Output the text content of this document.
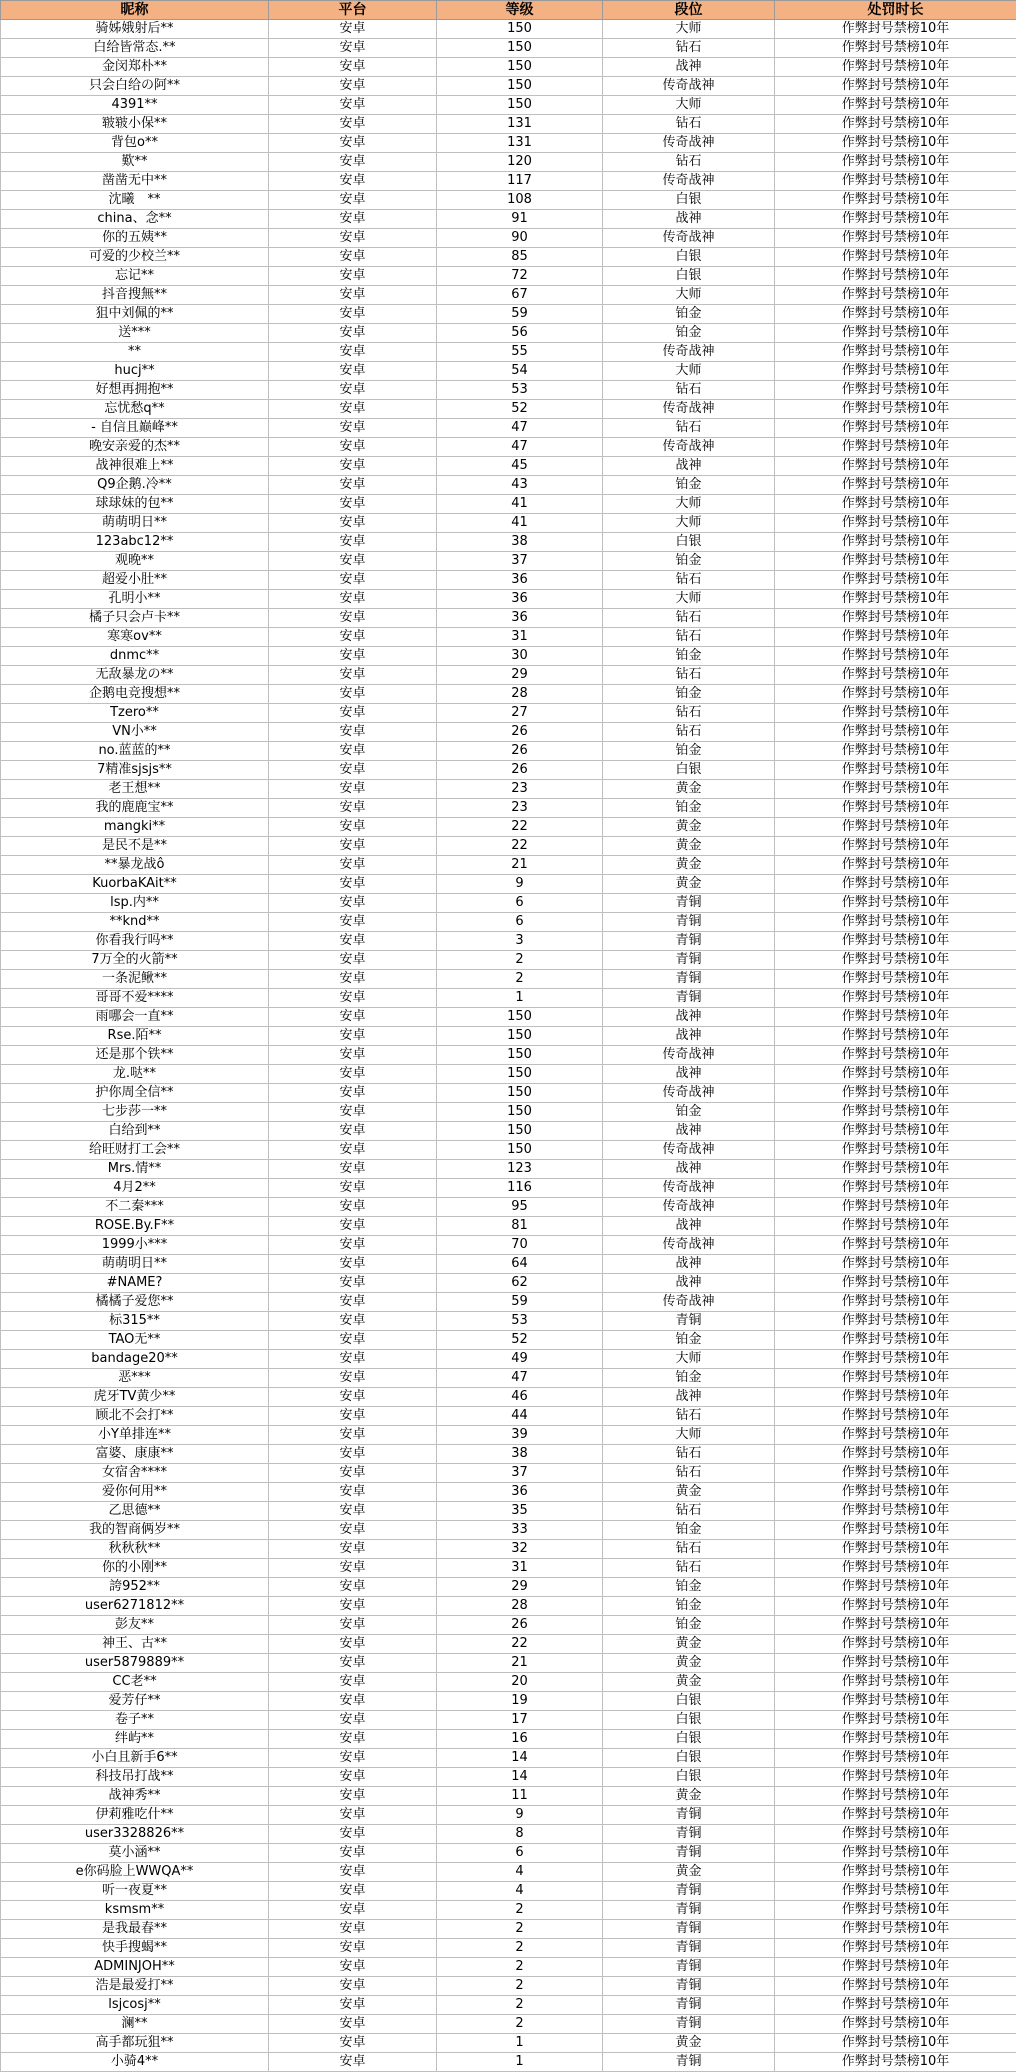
昵称	平台	等级	段位	处罚时长
骑姊娥射后**	安卓	150	大师	作弊封号禁榜10年
白给皆常态.**	安卓	150	钻石	作弊封号禁榜10年
金闵郑朴**	安卓	150	战神	作弊封号禁榜10年
只会白给の阿**	安卓	150	传奇战神	作弊封号禁榜10年
4391**	安卓	150	大师	作弊封号禁榜10年
皲皲小保**	安卓	131	钻石	作弊封号禁榜10年
背包o**	安卓	131	传奇战神	作弊封号禁榜10年
歎**	安卓	120	钻石	作弊封号禁榜10年
凿凿无中**	安卓	117	传奇战神	作弊封号禁榜10年
沈曦　**	安卓	108	白银	作弊封号禁榜10年
china、念**	安卓	91	战神	作弊封号禁榜10年
你的五姨**	安卓	90	传奇战神	作弊封号禁榜10年
可爱的少校兰**	安卓	85	白银	作弊封号禁榜10年
忘记**	安卓	72	白银	作弊封号禁榜10年
抖音搜無**	安卓	67	大师	作弊封号禁榜10年
狙中刘佩的**	安卓	59	铂金	作弊封号禁榜10年
送***	安卓	56	铂金	作弊封号禁榜10年
**	安卓	55	传奇战神	作弊封号禁榜10年
hucj**	安卓	54	大师	作弊封号禁榜10年
好想再拥抱**	安卓	53	钻石	作弊封号禁榜10年
忘忧愁q**	安卓	52	传奇战神	作弊封号禁榜10年
- 自信且巅峰**	安卓	47	钻石	作弊封号禁榜10年
晚安亲爱的杰**	安卓	47	传奇战神	作弊封号禁榜10年
战神很难上**	安卓	45	战神	作弊封号禁榜10年
Q9企鹅.冷**	安卓	43	铂金	作弊封号禁榜10年
球球妹的包**	安卓	41	大师	作弊封号禁榜10年
萌萌明日**	安卓	41	大师	作弊封号禁榜10年
123abc12**	安卓	38	白银	作弊封号禁榜10年
观晚**	安卓	37	铂金	作弊封号禁榜10年
超爱小肚**	安卓	36	钻石	作弊封号禁榜10年
孔明小**	安卓	36	大师	作弊封号禁榜10年
橘子只会卢卡**	安卓	36	钻石	作弊封号禁榜10年
寒寒ov**	安卓	31	钻石	作弊封号禁榜10年
dnmc**	安卓	30	铂金	作弊封号禁榜10年
无敌暴龙の**	安卓	29	钻石	作弊封号禁榜10年
企鹅电竞搜想**	安卓	28	铂金	作弊封号禁榜10年
Tzero**	安卓	27	钻石	作弊封号禁榜10年
VN小**	安卓	26	钻石	作弊封号禁榜10年
no.蓝蓝的**	安卓	26	铂金	作弊封号禁榜10年
7精准sjsjs**	安卓	26	白银	作弊封号禁榜10年
老王想**	安卓	23	黄金	作弊封号禁榜10年
我的鹿鹿宝**	安卓	23	铂金	作弊封号禁榜10年
mangki**	安卓	22	黄金	作弊封号禁榜10年
是民不是**	安卓	22	黄金	作弊封号禁榜10年
**暴龙战ô	安卓	21	黄金	作弊封号禁榜10年
KuorbaKAit**	安卓	9	黄金	作弊封号禁榜10年
lsp.内**	安卓	6	青铜	作弊封号禁榜10年
**knd**	安卓	6	青铜	作弊封号禁榜10年
你看我行吗**	安卓	3	青铜	作弊封号禁榜10年
7万全的火箭**	安卓	2	青铜	作弊封号禁榜10年
一条泥鳅**	安卓	2	青铜	作弊封号禁榜10年
哥哥不爱****	安卓	1	青铜	作弊封号禁榜10年
雨哪会一直**	安卓	150	战神	作弊封号禁榜10年
Rse.陌**	安卓	150	战神	作弊封号禁榜10年
还是那个铁**	安卓	150	传奇战神	作弊封号禁榜10年
龙.哒**	安卓	150	战神	作弊封号禁榜10年
护你周全信**	安卓	150	传奇战神	作弊封号禁榜10年
七步莎一**	安卓	150	铂金	作弊封号禁榜10年
白给到**	安卓	150	战神	作弊封号禁榜10年
给旺财打工会**	安卓	150	传奇战神	作弊封号禁榜10年
Mrs.情**	安卓	123	战神	作弊封号禁榜10年
4月2**	安卓	116	传奇战神	作弊封号禁榜10年
不二秦***	安卓	95	传奇战神	作弊封号禁榜10年
ROSE.By.F**	安卓	81	战神	作弊封号禁榜10年
1999小***	安卓	70	传奇战神	作弊封号禁榜10年
萌萌明日**	安卓	64	战神	作弊封号禁榜10年
#NAME?	安卓	62	战神	作弊封号禁榜10年
橘橘子爱您**	安卓	59	传奇战神	作弊封号禁榜10年
标315**	安卓	53	青铜	作弊封号禁榜10年
TAO无**	安卓	52	铂金	作弊封号禁榜10年
bandage20**	安卓	49	大师	作弊封号禁榜10年
恶***	安卓	47	铂金	作弊封号禁榜10年
虎牙TV黄少**	安卓	46	战神	作弊封号禁榜10年
顾北不会打**	安卓	44	钻石	作弊封号禁榜10年
小Y单排连**	安卓	39	大师	作弊封号禁榜10年
富婆、康康**	安卓	38	钻石	作弊封号禁榜10年
女宿舍****	安卓	37	钻石	作弊封号禁榜10年
爱你何用**	安卓	36	黄金	作弊封号禁榜10年
乙思德**	安卓	35	钻石	作弊封号禁榜10年
我的智商俩岁**	安卓	33	铂金	作弊封号禁榜10年
秋秋秋**	安卓	32	钻石	作弊封号禁榜10年
你的小刚**	安卓	31	钻石	作弊封号禁榜10年
誇952**	安卓	29	铂金	作弊封号禁榜10年
user6271812**	安卓	28	铂金	作弊封号禁榜10年
彭友**	安卓	26	铂金	作弊封号禁榜10年
神王、古**	安卓	22	黄金	作弊封号禁榜10年
user5879889**	安卓	21	黄金	作弊封号禁榜10年
CC老**	安卓	20	黄金	作弊封号禁榜10年
爱芳仔**	安卓	19	白银	作弊封号禁榜10年
卷子**	安卓	17	白银	作弊封号禁榜10年
绊屿**	安卓	16	白银	作弊封号禁榜10年
小白且新手6**	安卓	14	白银	作弊封号禁榜10年
科技吊打战**	安卓	14	白银	作弊封号禁榜10年
战神秀**	安卓	11	黄金	作弊封号禁榜10年
伊莉雅吃什**	安卓	9	青铜	作弊封号禁榜10年
user3328826**	安卓	8	青铜	作弊封号禁榜10年
莫小涵**	安卓	6	青铜	作弊封号禁榜10年
e你码脸上WWQA**	安卓	4	黄金	作弊封号禁榜10年
听一夜夏**	安卓	4	青铜	作弊封号禁榜10年
ksmsm**	安卓	2	青铜	作弊封号禁榜10年
是我最春**	安卓	2	青铜	作弊封号禁榜10年
快手搜蝎**	安卓	2	青铜	作弊封号禁榜10年
ADMINJOH**	安卓	2	青铜	作弊封号禁榜10年
浩是最爱打**	安卓	2	青铜	作弊封号禁榜10年
lsjcosj**	安卓	2	青铜	作弊封号禁榜10年
澜**	安卓	2	青铜	作弊封号禁榜10年
高手都玩狙**	安卓	1	黄金	作弊封号禁榜10年
小骑4**	安卓	1	青铜	作弊封号禁榜10年
